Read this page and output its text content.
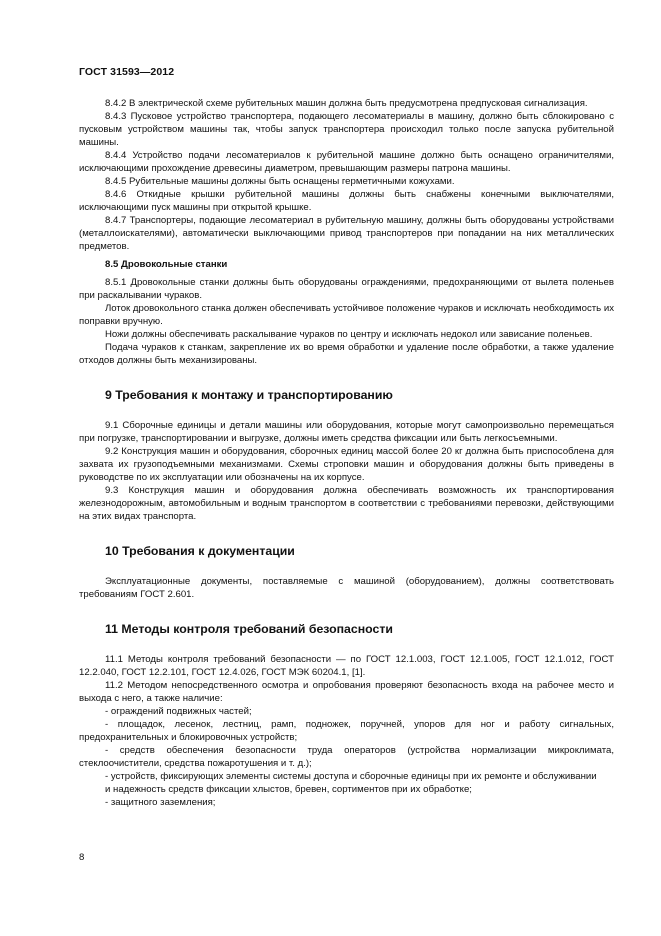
ГОСТ 31593—2012

8.4.2 В электрической схеме рубительных машин должна быть предусмотрена предпусковая сигнализация.

8.4.3 Пусковое устройство транспортера, подающего лесоматериалы в машину, должно быть сблокировано с пусковым устройством машины так, чтобы запуск транспортера происходил только после запуска рубительной машины.

8.4.4 Устройство подачи лесоматериалов к рубительной машине должно быть оснащено ограничителями, исключающими прохождение древесины диаметром, превышающим размеры патрона машины.

8.4.5 Рубительные машины должны быть оснащены герметичными кожухами.

8.4.6 Откидные крышки рубительной машины должны быть снабжены конечными выключателями, исключающими пуск машины при открытой крышке.

8.4.7 Транспортеры, подающие лесоматериал в рубительную машину, должны быть оборудованы устройствами (металлоискателями), автоматически выключающими привод транспортеров при попадании на них металлических предметов.

8.5 Дровокольные станки

8.5.1 Дровокольные станки должны быть оборудованы ограждениями, предохраняющими от вылета поленьев при раскалывании чураков.

Лоток дровокольного станка должен обеспечивать устойчивое положение чураков и исключать необходимость их поправки вручную.

Ножи должны обеспечивать раскалывание чураков по центру и исключать недокол или зависание поленьев.

Подача чураков к станкам, закрепление их во время обработки и удаление после обработки, а также удаление отходов должны быть механизированы.

9 Требования к монтажу и транспортированию

9.1 Сборочные единицы и детали машины или оборудования, которые могут самопроизвольно перемещаться при погрузке, транспортировании и выгрузке, должны иметь средства фиксации или быть легкосъемными.

9.2 Конструкция машин и оборудования, сборочных единиц массой более 20 кг должна быть приспособлена для захвата их грузоподъемными механизмами. Схемы строповки машин и оборудования должны быть приведены в руководстве по их эксплуатации или обозначены на их корпусе.

9.3 Конструкция машин и оборудования должна обеспечивать возможность их транспортирования железнодорожным, автомобильным и водным транспортом в соответствии с требованиями перевозки, действующими на этих видах транспорта.

10 Требования к документации

Эксплуатационные документы, поставляемые с машиной (оборудованием), должны соответствовать требованиям ГОСТ 2.601.

11 Методы контроля требований безопасности

11.1 Методы контроля требований безопасности — по ГОСТ 12.1.003, ГОСТ 12.1.005, ГОСТ 12.1.012, ГОСТ 12.2.040, ГОСТ 12.2.101, ГОСТ 12.4.026, ГОСТ МЭК 60204.1, [1].

11.2 Методом непосредственного осмотра и опробования проверяют безопасность входа на рабочее место и выхода с него, а также наличие:

- ограждений подвижных частей;

- площадок, лесенок, лестниц, рамп, подножек, поручней, упоров для ног и работу сигнальных, предохранительных и блокировочных устройств;

- средств обеспечения безопасности труда операторов (устройства нормализации микроклимата, стеклоочистители, средства пожаротушения и т. д.);

- устройств, фиксирующих элементы системы доступа и сборочные единицы при их ремонте и обслуживании

и надежность средств фиксации хлыстов, бревен, сортиментов при их обработке;

- защитного заземления;

8
